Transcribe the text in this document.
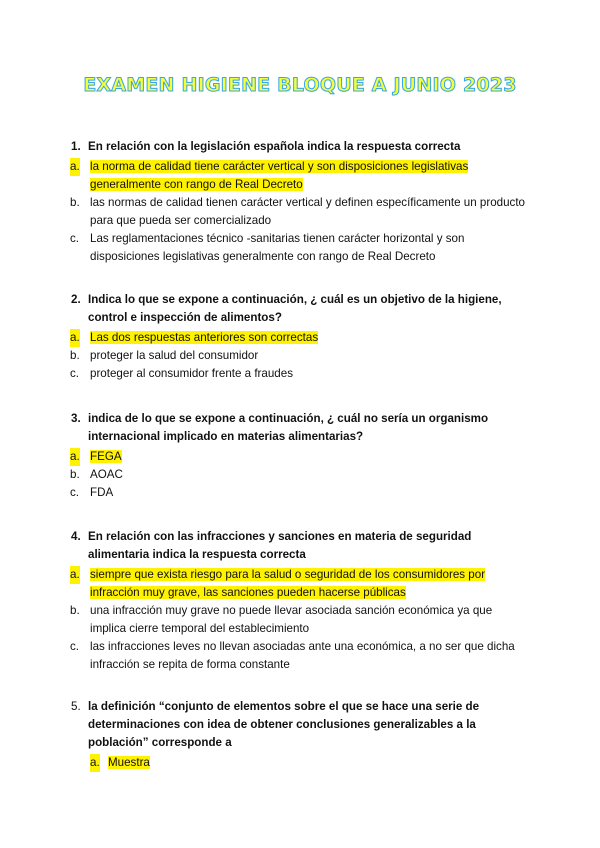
EXAMEN HIGIENE BLOQUE A JUNIO 2023
1. En relación con la legislación española indica la respuesta correcta
a. la norma de calidad tiene carácter vertical y son disposiciones legislativas generalmente con rango de Real Decreto
b. las normas de calidad tienen carácter vertical y definen específicamente un producto para que pueda ser comercializado
c. Las reglamentaciones técnico -sanitarias tienen carácter horizontal y son disposiciones legislativas generalmente con rango de Real Decreto
2. Indica lo que se expone a continuación, ¿ cuál es un objetivo de la higiene, control e inspección de alimentos?
a. Las dos respuestas anteriores son correctas
b. proteger la salud del consumidor
c. proteger al consumidor frente a fraudes
3. indica de lo que se expone a continuación, ¿ cuál no sería un organismo internacional implicado en materias alimentarias?
a. FEGA
b. AOAC
c. FDA
4. En relación con las infracciones y sanciones en materia de seguridad alimentaria indica la respuesta correcta
a. siempre que exista riesgo para la salud o seguridad de los consumidores por infracción muy grave, las sanciones pueden hacerse públicas
b. una infracción muy grave no puede llevar asociada sanción económica ya que implica cierre temporal del establecimiento
c. las infracciones leves no llevan asociadas ante una económica, a no ser que dicha infracción se repita de forma constante
5. la definición “conjunto de elementos sobre el que se hace una serie de determinaciones con idea de obtener conclusiones generalizables a la población” corresponde a
a. Muestra
